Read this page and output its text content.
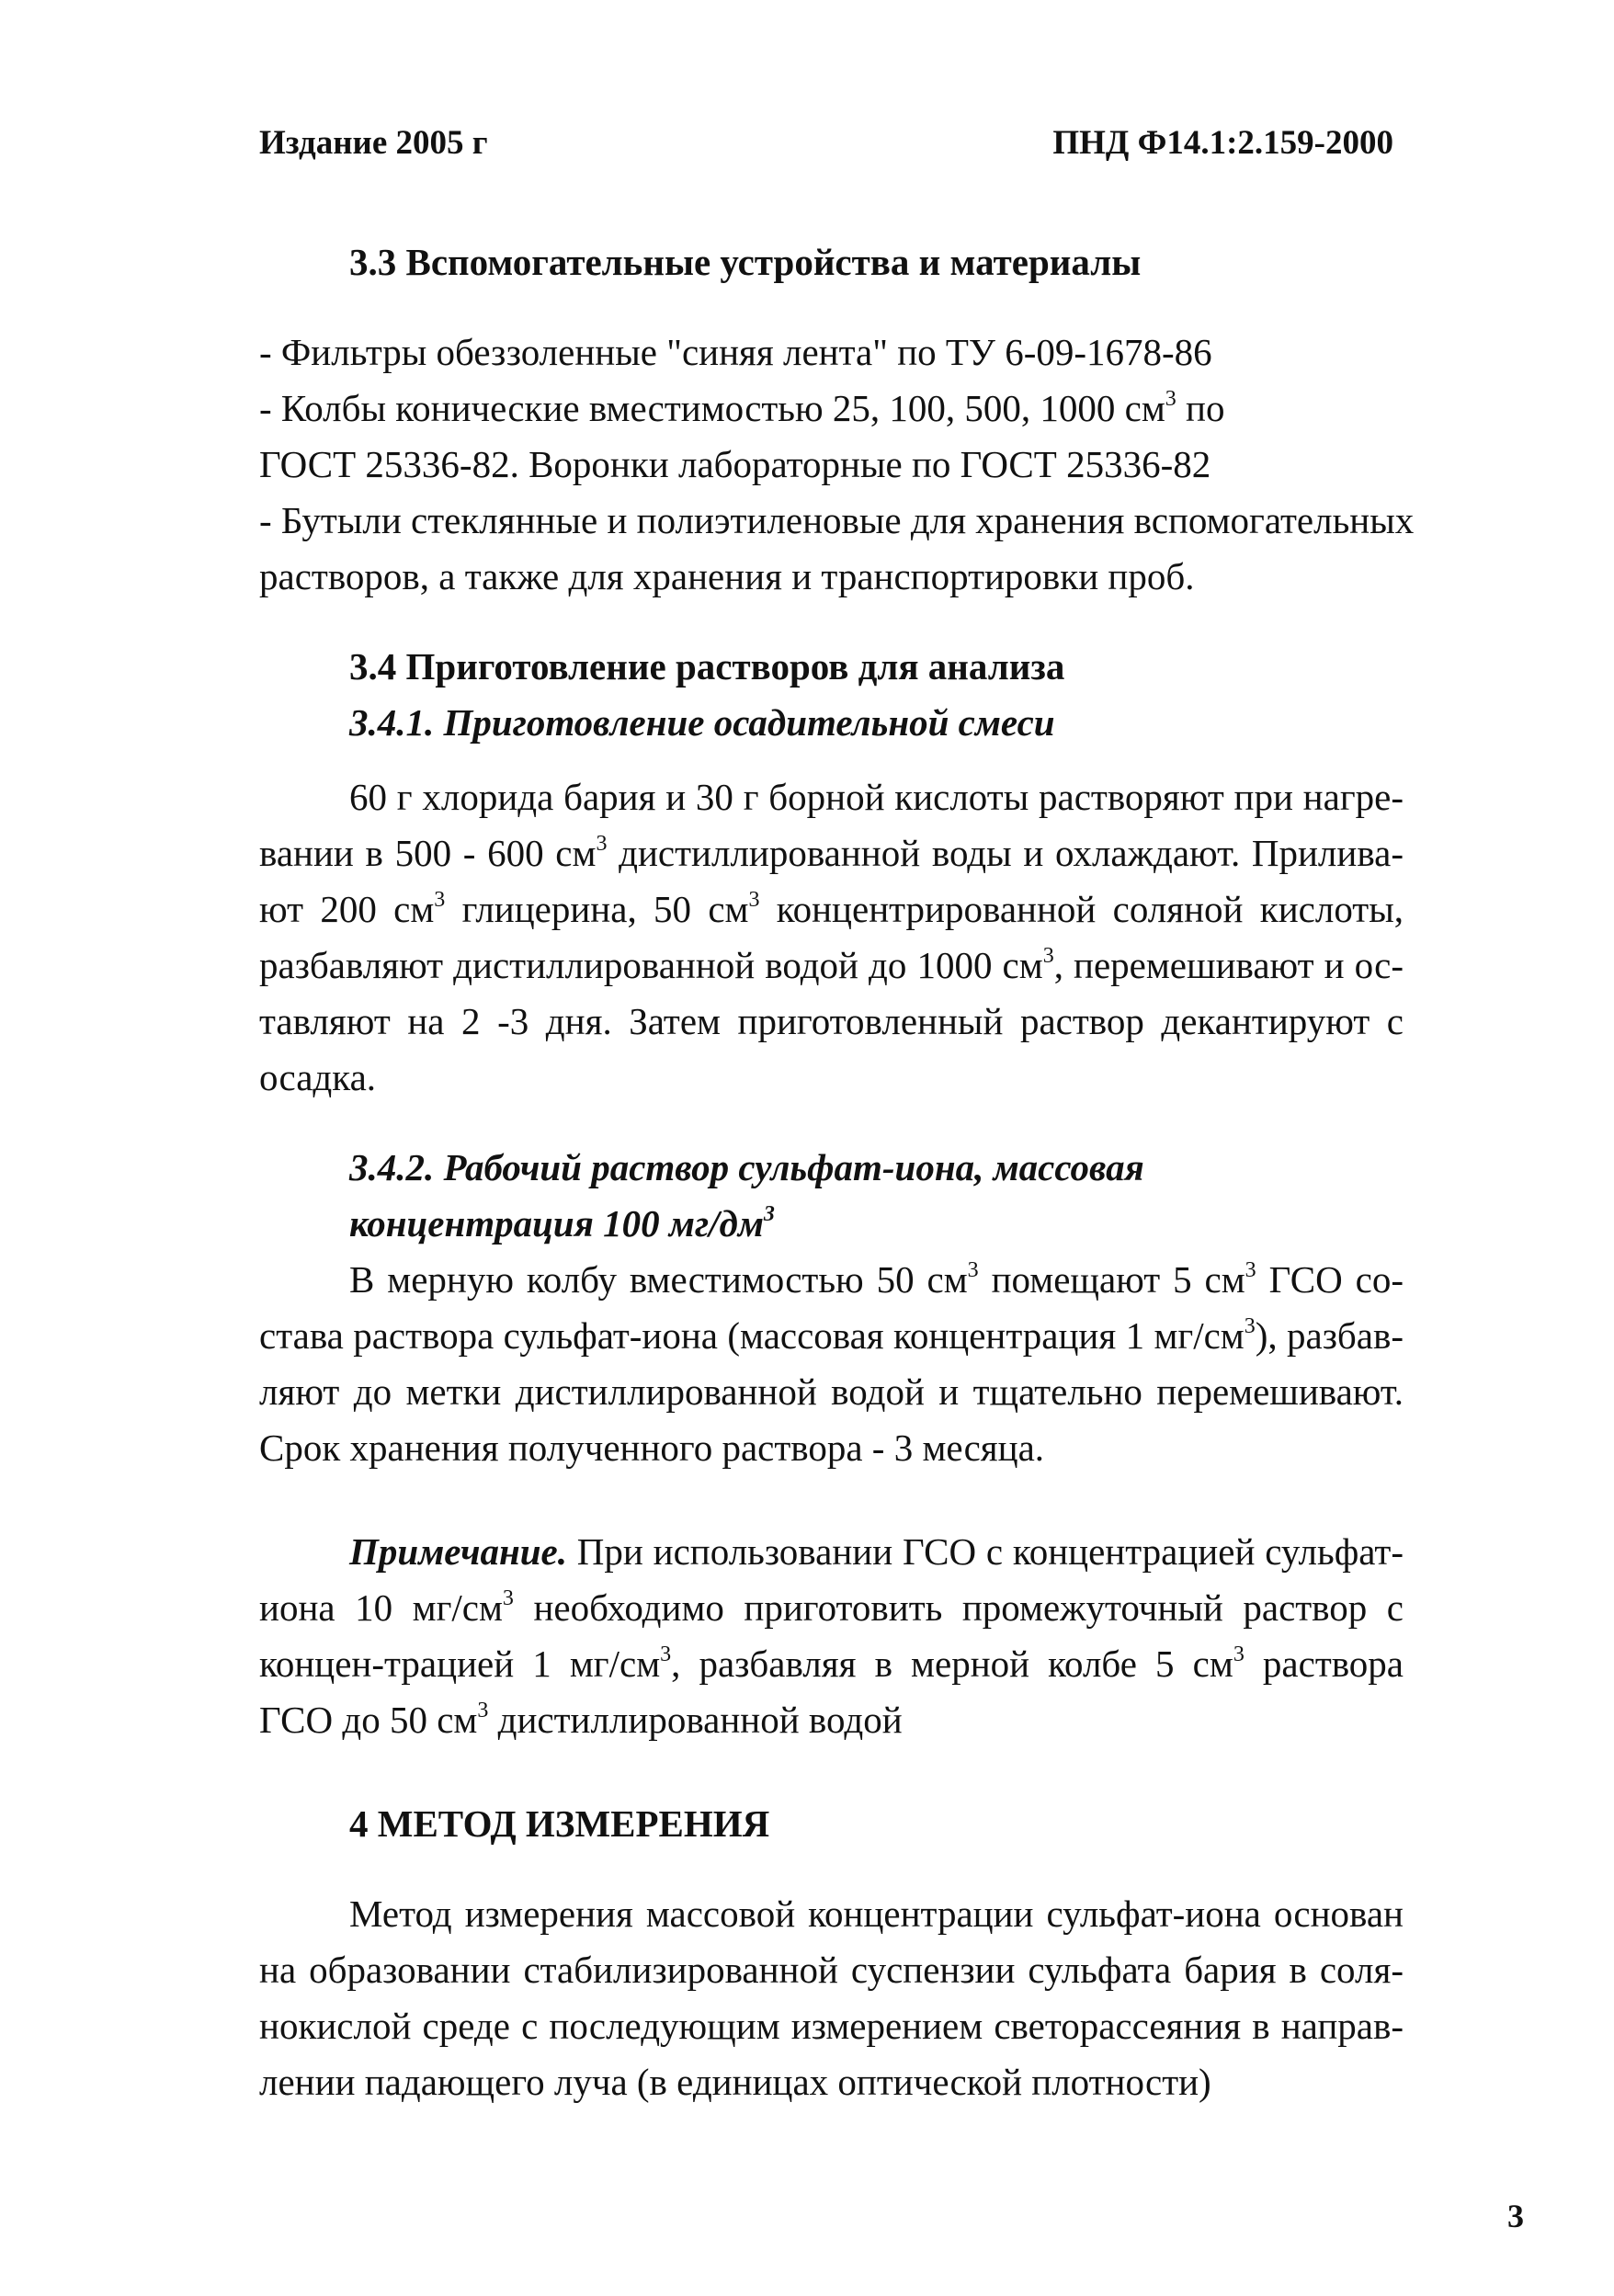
Издание 2005 г	ПНД Ф14.1:2.159-2000

3.3 Вспомогательные устройства и материалы

- Фильтры обеззоленные "синяя лента" по ТУ 6-09-1678-86

- Колбы конические вместимостью 25, 100, 500, 1000 $см^3$ по

ГОСТ 25336-82. Воронки лабораторные по ГОСТ 25336-82

- Бутыли стеклянные и полиэтиленовые для хранения вспомогательных

растворов, а также для хранения и транспортировки проб.

3.4 Приготовление растворов для анализа

3.4.1. Приготовление осадительной смеси

60 г хлорида бария и 30 г борной кислоты растворяют при нагре-вании в 500 - 600 $см^3$ дистиллированной воды и охлаждают. Прилива-ют 200 $см^3$ глицерина, 50 $см^3$ концентрированной соляной кислоты, разбавляют дистиллированной водой до 1000 $см^3$, перемешивают и ос-тавляют на 2 -3 дня. Затем приготовленный раствор декантируют с осадка.

3.4.2. Рабочий раствор сульфат-иона, массовая концентрация 100 $мг/дм^3$

В мерную колбу вместимостью 50 $см^3$ помещают 5 $см^3$ ГСО со-става раствора сульфат-иона (массовая концентрация 1 $мг/см^3$), разбав-ляют до метки дистиллированной водой и тщательно перемешивают. Срок хранения полученного раствора - 3 месяца.

Примечание. При использовании ГСО с концентрацией сульфат-иона 10 $мг/см^3$ необходимо приготовить промежуточный раствор с концен-трацией 1 $мг/см^3$, разбавляя в мерной колбе 5 $см^3$ раствора ГСО до 50 $см^3$ дистиллированной водой

4 МЕТОД ИЗМЕРЕНИЯ

Метод измерения массовой концентрации сульфат-иона основан на образовании стабилизированной суспензии сульфата бария в соля-нокислой среде с последующим измерением светорассеяния в направ-лении падающего луча (в единицах оптической плотности)

3
